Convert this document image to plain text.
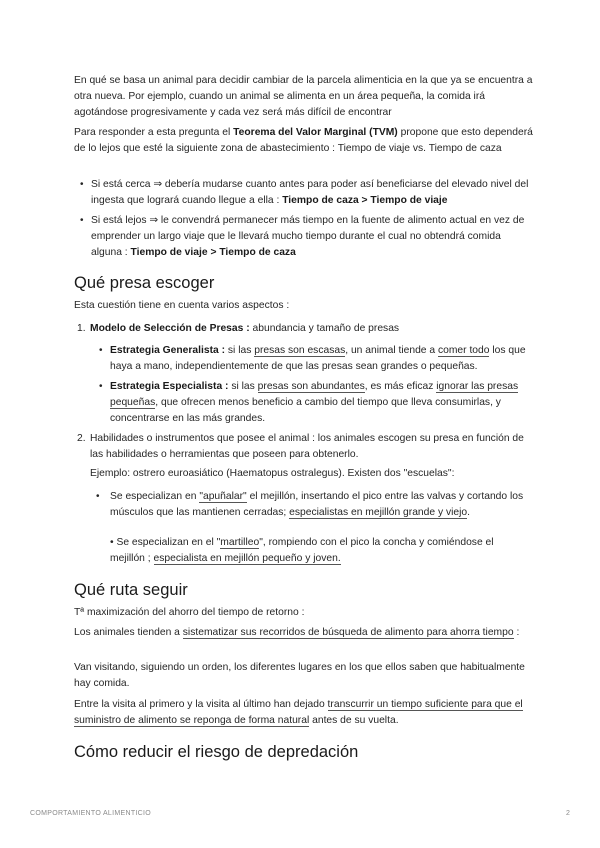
En qué se basa un animal para decidir cambiar de la parcela alimenticia en la que ya se encuentra a otra nueva. Por ejemplo, cuando un animal se alimenta en un área pequeña, la comida irá agotándose progresivamente y cada vez será más difícil de encontrar

Para responder a esta pregunta el Teorema del Valor Marginal (TVM) propone que esto dependerá de lo lejos que esté la siguiente zona de abastecimiento : Tiempo de viaje vs. Tiempo de caza

• Si está cerca ⇒ debería mudarse cuanto antes para poder así beneficiarse del elevado nivel del ingesta que logrará cuando llegue a ella : Tiempo de caza > Tiempo de viaje
• Si está lejos ⇒ le convendrá permanecer más tiempo en la fuente de alimento actual en vez de emprender un largo viaje que le llevará mucho tiempo durante el cual no obtendrá comida alguna : Tiempo de viaje > Tiempo de caza
Qué presa escoger

Esta cuestión tiene en cuenta varios aspectos :

1. Modelo de Selección de Presas : abundancia y tamaño de presas
• Estrategia Generalista : si las presas son escasas, un animal tiende a comer todo los que haya a mano, independientemente de que las presas sean grandes o pequeñas.
• Estrategia Especialista : si las presas son abundantes, es más eficaz ignorar las presas pequeñas, que ofrecen menos beneficio a cambio del tiempo que lleva consumirlas, y concentrarse en las más grandes.
2. Habilidades o instrumentos que posee el animal : los animales escogen su presa en función de las habilidades o herramientas que poseen para obtenerlo.
Ejemplo: ostrero euroasiático (Haematopus ostralegus). Existen dos "escuelas":
• Se especializan en "apuñalar" el mejillón, insertando el pico entre las valvas y cortando los músculos que las mantienen cerradas; especialistas en mejillón grande y viejo.
• Se especializan en el "martilleo", rompiendo con el pico la concha y comiéndose el mejillón ; especialista en mejillón pequeño y joven.
Qué ruta seguir

Tª maximización del ahorro del tiempo de retorno :

Los animales tienden a sistematizar sus recorridos de búsqueda de alimento para ahorra tiempo :

Van visitando, siguiendo un orden, los diferentes lugares en los que ellos saben que habitualmente hay comida.

Entre la visita al primero y la visita al último han dejado transcurrir un tiempo suficiente para que el suministro de alimento se reponga de forma natural antes de su vuelta.

Cómo reducir el riesgo de depredación
COMPORTAMIENTO ALIMENTICIO	2
